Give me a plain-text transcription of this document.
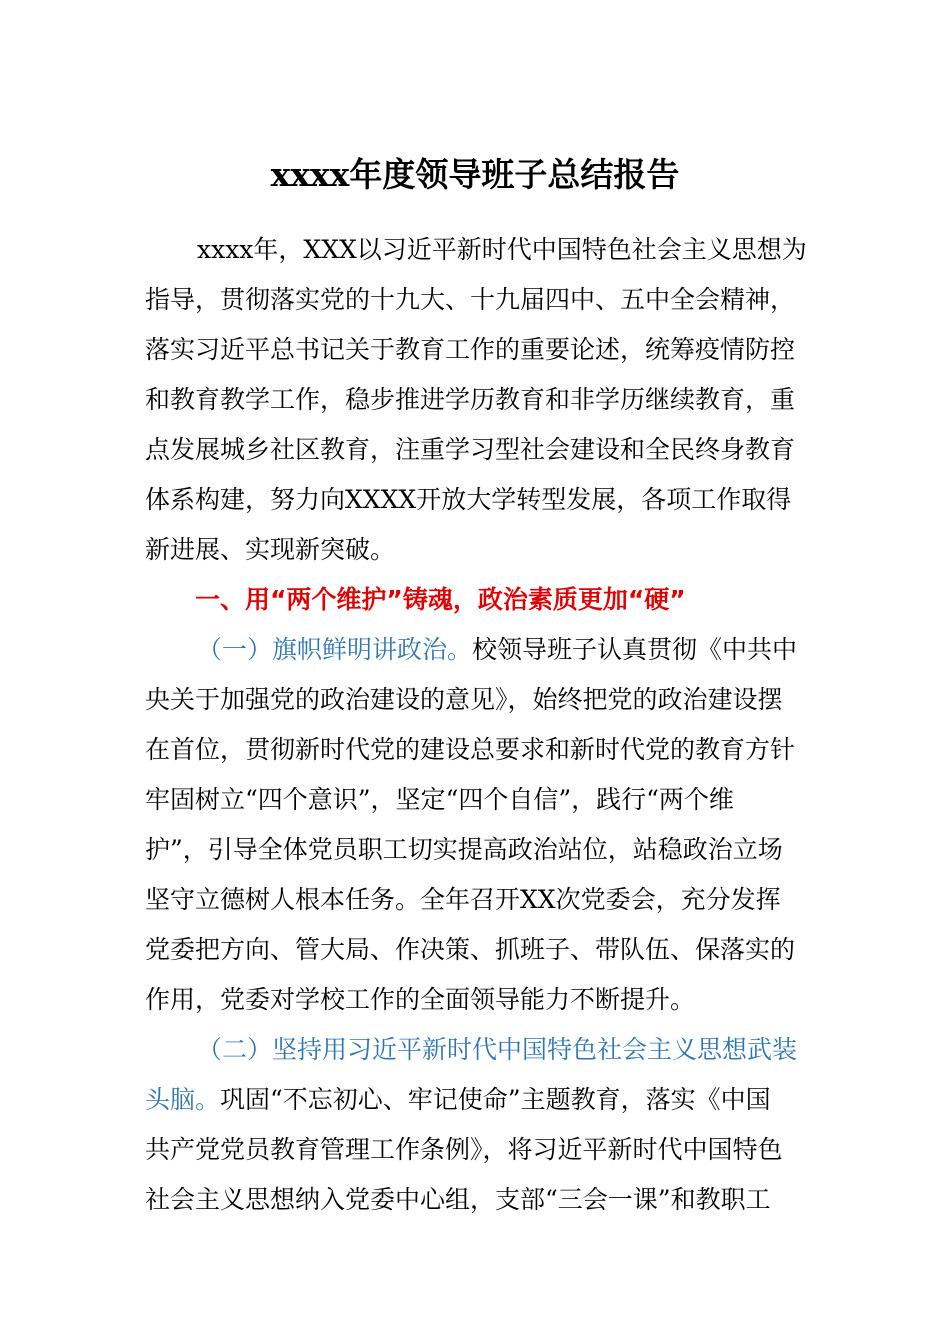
xxxx年度领导班子总结报告
xxxx年，XXX以习近平新时代中国特色社会主义思想为
指导，贯彻落实党的十九大、十九届四中、五中全会精神，
落实习近平总书记关于教育工作的重要论述，统筹疫情防控
和教育教学工作，稳步推进学历教育和非学历继续教育，重
点发展城乡社区教育，注重学习型社会建设和全民终身教育
体系构建，努力向XXXX开放大学转型发展，各项工作取得
新进展、实现新突破。
一、用“两个维护”铸魂，政治素质更加“硬”
（一）旗帜鲜明讲政治。校领导班子认真贯彻《中共中
央关于加强党的政治建设的意见》，始终把党的政治建设摆
在首位，贯彻新时代党的建设总要求和新时代党的教育方针
牢固树立“四个意识”，坚定“四个自信”，践行“两个维
护”，引导全体党员职工切实提高政治站位，站稳政治立场
坚守立德树人根本任务。全年召开XX次党委会，充分发挥
党委把方向、管大局、作决策、抓班子、带队伍、保落实的
作用，党委对学校工作的全面领导能力不断提升。
（二）坚持用习近平新时代中国特色社会主义思想武装
头脑。巩固“不忘初心、牢记使命”主题教育，落实《中国
共产党党员教育管理工作条例》，将习近平新时代中国特色
社会主义思想纳入党委中心组，支部“三会一课”和教职工
